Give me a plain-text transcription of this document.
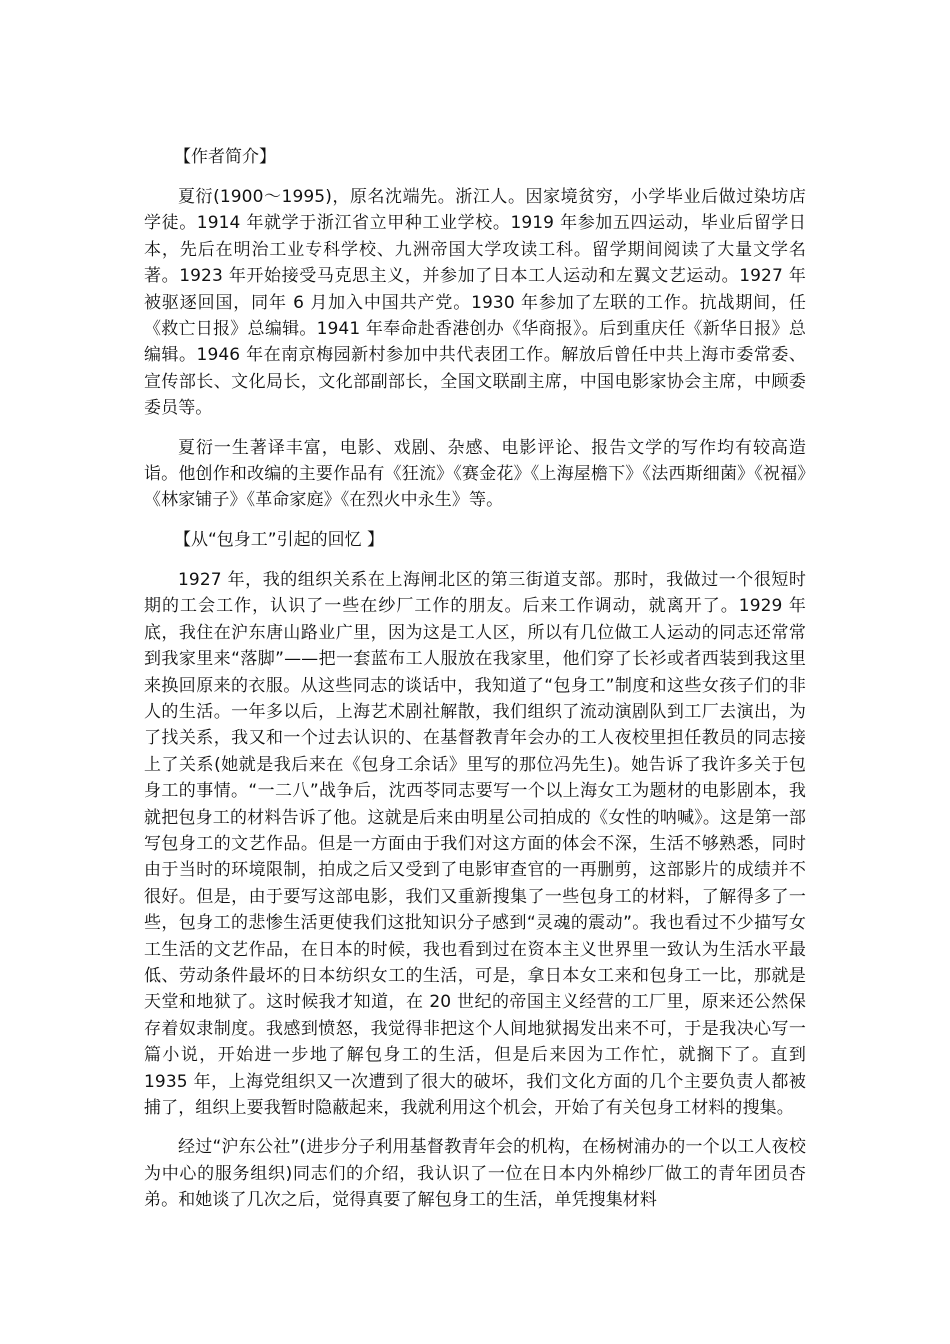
【作者简介】

夏衍(1900～1995)，原名沈端先。浙江人。因家境贫穷，小学毕业后做过染坊店学徒。1914 年就学于浙江省立甲种工业学校。1919 年参加五四运动，毕业后留学日本，先后在明治工业专科学校、九洲帝国大学攻读工科。留学期间阅读了大量文学名著。1923 年开始接受马克思主义，并参加了日本工人运动和左翼文艺运动。1927 年被驱逐回国，同年 6 月加入中国共产党。1930 年参加了左联的工作。抗战期间，任《救亡日报》总编辑。1941 年奉命赴香港创办《华商报》。后到重庆任《新华日报》总编辑。1946 年在南京梅园新村参加中共代表团工作。解放后曾任中共上海市委常委、宣传部长、文化局长，文化部副部长，全国文联副主席，中国电影家协会主席，中顾委委员等。

夏衍一生著译丰富，电影、戏剧、杂感、电影评论、报告文学的写作均有较高造诣。他创作和改编的主要作品有《狂流》《赛金花》《上海屋檐下》《法西斯细菌》《祝福》《林家铺子》《革命家庭》《在烈火中永生》等。

【从“包身工”引起的回忆 】

1927 年，我的组织关系在上海闸北区的第三街道支部。那时，我做过一个很短时期的工会工作，认识了一些在纱厂工作的朋友。后来工作调动，就离开了。1929 年底，我住在沪东唐山路业广里，因为这是工人区，所以有几位做工人运动的同志还常常到我家里来“落脚”——把一套蓝布工人服放在我家里，他们穿了长衫或者西装到我这里来换回原来的衣服。从这些同志的谈话中，我知道了“包身工”制度和这些女孩子们的非人的生活。一年多以后，上海艺术剧社解散，我们组织了流动演剧队到工厂去演出，为了找关系，我又和一个过去认识的、在基督教青年会办的工人夜校里担任教员的同志接上了关系(她就是我后来在《包身工余话》里写的那位冯先生)。她告诉了我许多关于包身工的事情。“一二八”战争后，沈西苓同志要写一个以上海女工为题材的电影剧本，我就把包身工的材料告诉了他。这就是后来由明星公司拍成的《女性的呐喊》。这是第一部写包身工的文艺作品。但是一方面由于我们对这方面的体会不深，生活不够熟悉，同时由于当时的环境限制，拍成之后又受到了电影审查官的一再删剪，这部影片的成绩并不很好。但是，由于要写这部电影，我们又重新搜集了一些包身工的材料，了解得多了一些，包身工的悲惨生活更使我们这批知识分子感到“灵魂的震动”。我也看过不少描写女工生活的文艺作品，在日本的时候，我也看到过在资本主义世界里一致认为生活水平最低、劳动条件最坏的日本纺织女工的生活，可是，拿日本女工来和包身工一比，那就是天堂和地狱了。这时候我才知道，在 20 世纪的帝国主义经营的工厂里，原来还公然保存着奴隶制度。我感到愤怒，我觉得非把这个人间地狱揭发出来不可，于是我决心写一篇小说，开始进一步地了解包身工的生活，但是后来因为工作忙，就搁下了。直到 1935 年，上海党组织又一次遭到了很大的破坏，我们文化方面的几个主要负责人都被捕了，组织上要我暂时隐蔽起来，我就利用这个机会，开始了有关包身工材料的搜集。

经过“沪东公社”(进步分子利用基督教青年会的机构，在杨树浦办的一个以工人夜校为中心的服务组织)同志们的介绍，我认识了一位在日本内外棉纱厂做工的青年团员杏弟。和她谈了几次之后，觉得真要了解包身工的生活，单凭搜集材料
